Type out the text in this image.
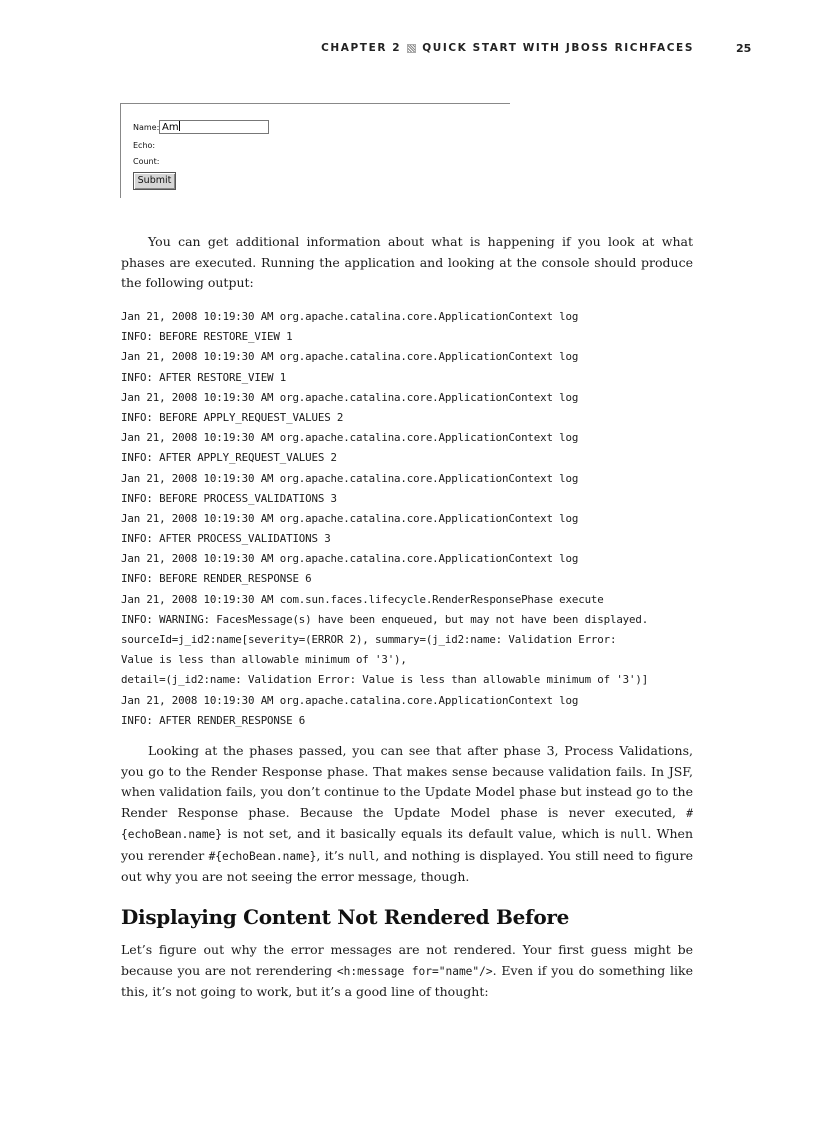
CHAPTER 2 QUICK START WITH JBOSS RICHFACES	25
Name: Am
Echo:
Count:
Submit
You can get additional information about what is happening if you look at what phases are executed. Running the application and looking at the console should produce the following output:
Jan 21, 2008 10:19:30 AM org.apache.catalina.core.ApplicationContext log
INFO: BEFORE RESTORE_VIEW 1
Jan 21, 2008 10:19:30 AM org.apache.catalina.core.ApplicationContext log
INFO: AFTER RESTORE_VIEW 1
Jan 21, 2008 10:19:30 AM org.apache.catalina.core.ApplicationContext log
INFO: BEFORE APPLY_REQUEST_VALUES 2
Jan 21, 2008 10:19:30 AM org.apache.catalina.core.ApplicationContext log
INFO: AFTER APPLY_REQUEST_VALUES 2
Jan 21, 2008 10:19:30 AM org.apache.catalina.core.ApplicationContext log
INFO: BEFORE PROCESS_VALIDATIONS 3
Jan 21, 2008 10:19:30 AM org.apache.catalina.core.ApplicationContext log
INFO: AFTER PROCESS_VALIDATIONS 3
Jan 21, 2008 10:19:30 AM org.apache.catalina.core.ApplicationContext log
INFO: BEFORE RENDER_RESPONSE 6
Jan 21, 2008 10:19:30 AM com.sun.faces.lifecycle.RenderResponsePhase execute
INFO: WARNING: FacesMessage(s) have been enqueued, but may not have been displayed.
sourceId=j_id2:name[severity=(ERROR 2), summary=(j_id2:name: Validation Error:
Value is less than allowable minimum of '3'),
detail=(j_id2:name: Validation Error: Value is less than allowable minimum of '3')]
Jan 21, 2008 10:19:30 AM org.apache.catalina.core.ApplicationContext log
INFO: AFTER RENDER_RESPONSE 6
Looking at the phases passed, you can see that after phase 3, Process Validations, you go to the Render Response phase. That makes sense because validation fails. In JSF, when validation fails, you don’t continue to the Update Model phase but instead go to the Render Response phase. Because the Update Model phase is never executed, #{echoBean.name} is not set, and it basically equals its default value, which is null. When you rerender #{echoBean.name}, it’s null, and nothing is displayed. You still need to figure out why you are not seeing the error message, though.
Displaying Content Not Rendered Before
Let’s figure out why the error messages are not rendered. Your first guess might be because you are not rerendering <h:message for="name"/>. Even if you do something like this, it’s not going to work, but it’s a good line of thought:
